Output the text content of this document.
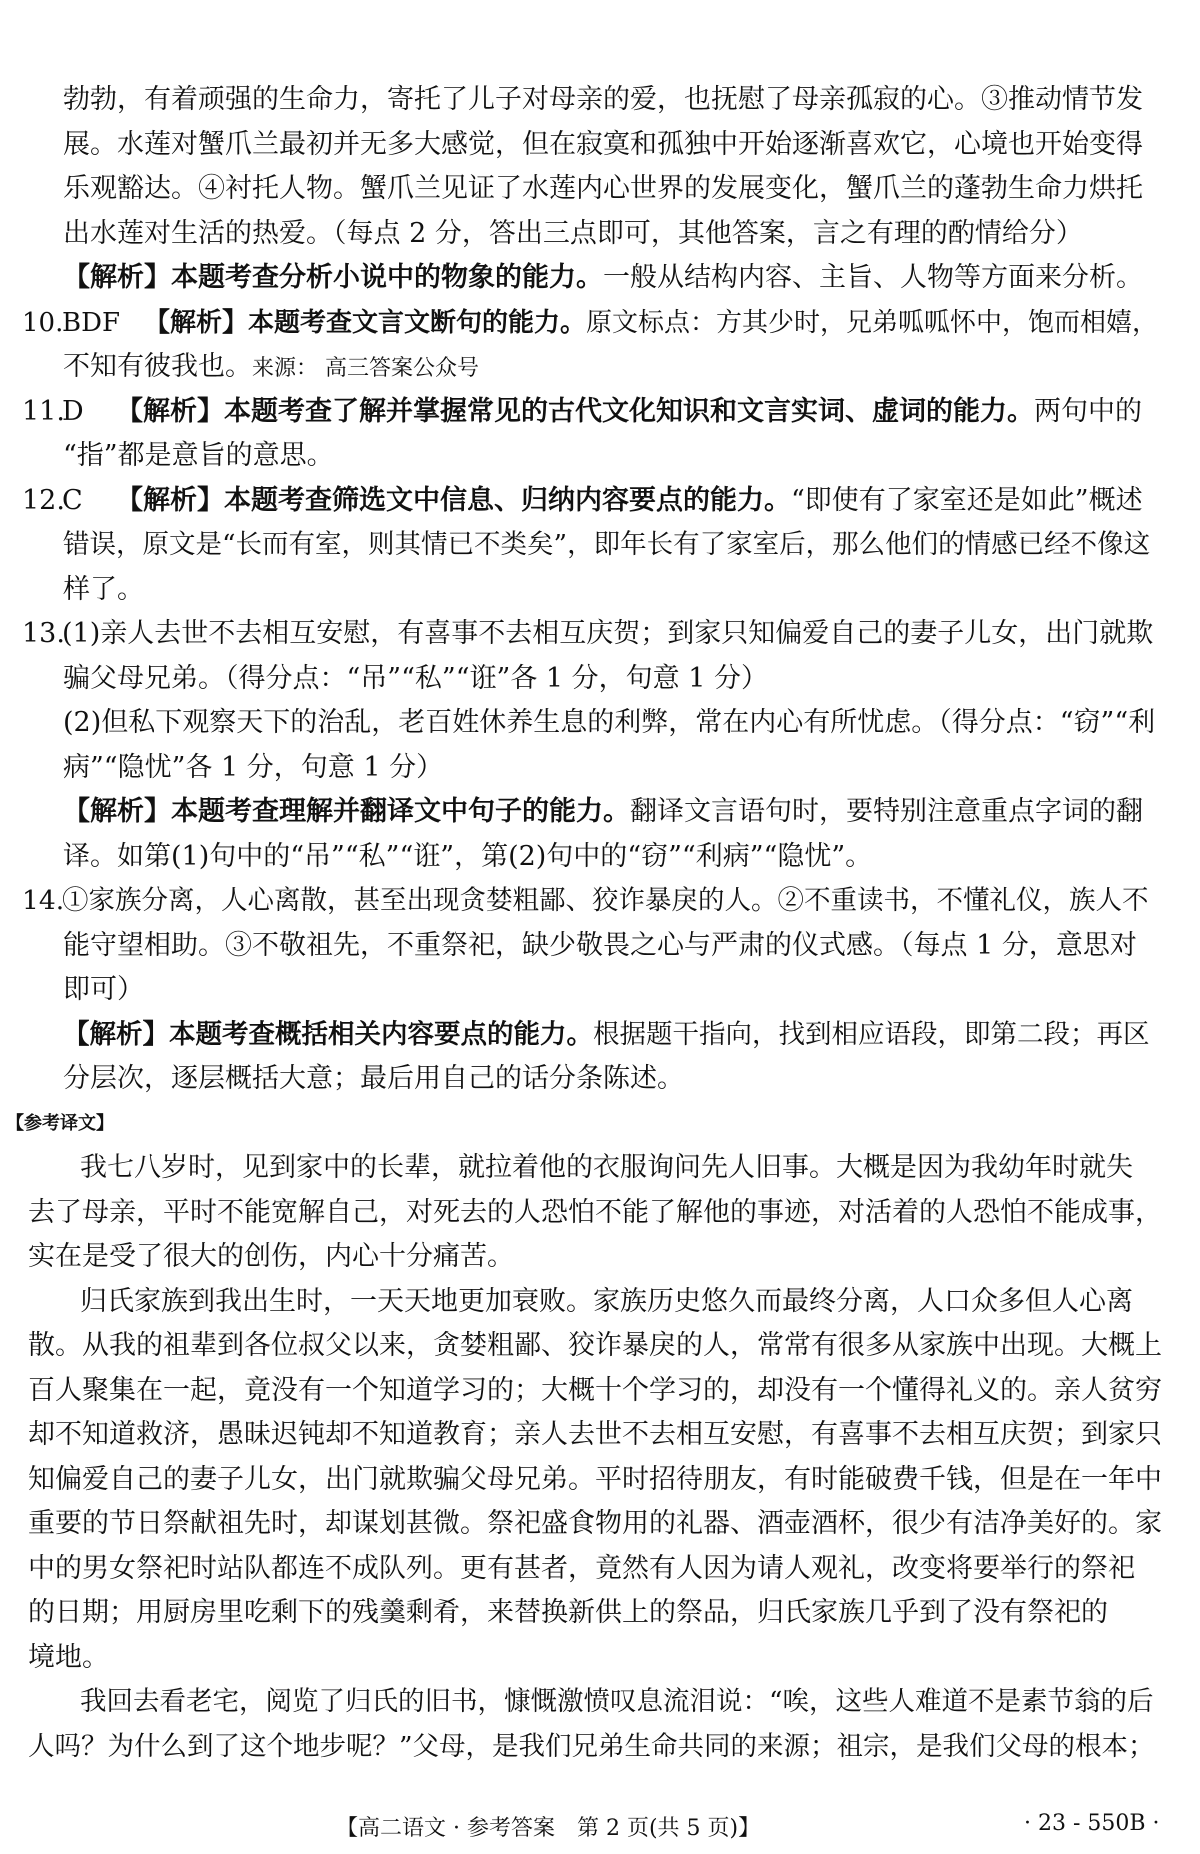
勃勃，有着顽强的生命力，寄托了儿子对母亲的爱，也抚慰了母亲孤寂的心。③推动情节发
展。水莲对蟹爪兰最初并无多大感觉，但在寂寞和孤独中开始逐渐喜欢它，心境也开始变得
乐观豁达。④衬托人物。蟹爪兰见证了水莲内心世界的发展变化，蟹爪兰的蓬勃生命力烘托
出水莲对生活的热爱。（每点 2 分，答出三点即可，其他答案，言之有理的酌情给分）
【解析】本题考查分析小说中的物象的能力。一般从结构内容、主旨、人物等方面来分析。
10.BDF 【解析】本题考查文言文断句的能力。原文标点：方其少时，兄弟呱呱怀中，饱而相嬉，
不知有彼我也。来源： 高三答案公众号
11.D 【解析】本题考查了解并掌握常见的古代文化知识和文言实词、虚词的能力。两句中的
“指”都是意旨的意思。
12.C 【解析】本题考查筛选文中信息、归纳内容要点的能力。“即使有了家室还是如此”概述
错误，原文是“长而有室，则其情已不类矣”，即年长有了家室后，那么他们的情感已经不像这
样了。
13.(1)亲人去世不去相互安慰，有喜事不去相互庆贺；到家只知偏爱自己的妻子儿女，出门就欺
骗父母兄弟。（得分点：“吊”“私”“诳”各 1 分，句意 1 分）
(2)但私下观察天下的治乱，老百姓休养生息的利弊，常在内心有所忧虑。（得分点：“窃”“利
病”“隐忧”各 1 分，句意 1 分）
【解析】本题考查理解并翻译文中句子的能力。翻译文言语句时，要特别注意重点字词的翻
译。如第(1)句中的“吊”“私”“诳”，第(2)句中的“窃”“利病”“隐忧”。
14.①家族分离，人心离散，甚至出现贪婪粗鄙、狡诈暴戾的人。②不重读书，不懂礼仪，族人不
能守望相助。③不敬祖先，不重祭祀，缺少敬畏之心与严肃的仪式感。（每点 1 分，意思对
即可）
【解析】本题考查概括相关内容要点的能力。根据题干指向，找到相应语段，即第二段；再区
分层次，逐层概括大意；最后用自己的话分条陈述。
【参考译文】
我七八岁时，见到家中的长辈，就拉着他的衣服询问先人旧事。大概是因为我幼年时就失
去了母亲，平时不能宽解自己，对死去的人恐怕不能了解他的事迹，对活着的人恐怕不能成事，
实在是受了很大的创伤，内心十分痛苦。
归氏家族到我出生时，一天天地更加衰败。家族历史悠久而最终分离，人口众多但人心离
散。从我的祖辈到各位叔父以来，贪婪粗鄙、狡诈暴戾的人，常常有很多从家族中出现。大概上
百人聚集在一起，竟没有一个知道学习的；大概十个学习的，却没有一个懂得礼义的。亲人贫穷
却不知道救济，愚昧迟钝却不知道教育；亲人去世不去相互安慰，有喜事不去相互庆贺；到家只
知偏爱自己的妻子儿女，出门就欺骗父母兄弟。平时招待朋友，有时能破费千钱，但是在一年中
重要的节日祭献祖先时，却谋划甚微。祭祀盛食物用的礼器、酒壶酒杯，很少有洁净美好的。家
中的男女祭祀时站队都连不成队列。更有甚者，竟然有人因为请人观礼，改变将要举行的祭祀
的日期；用厨房里吃剩下的残羹剩肴，来替换新供上的祭品，归氏家族几乎到了没有祭祀的
境地。
我回去看老宅，阅览了归氏的旧书，慷慨激愤叹息流泪说：“唉，这些人难道不是素节翁的后
人吗？为什么到了这个地步呢？”父母，是我们兄弟生命共同的来源；祖宗，是我们父母的根本；
【高二语文 · 参考答案　第 2 页(共 5 页)】	· 23 - 550B ·
